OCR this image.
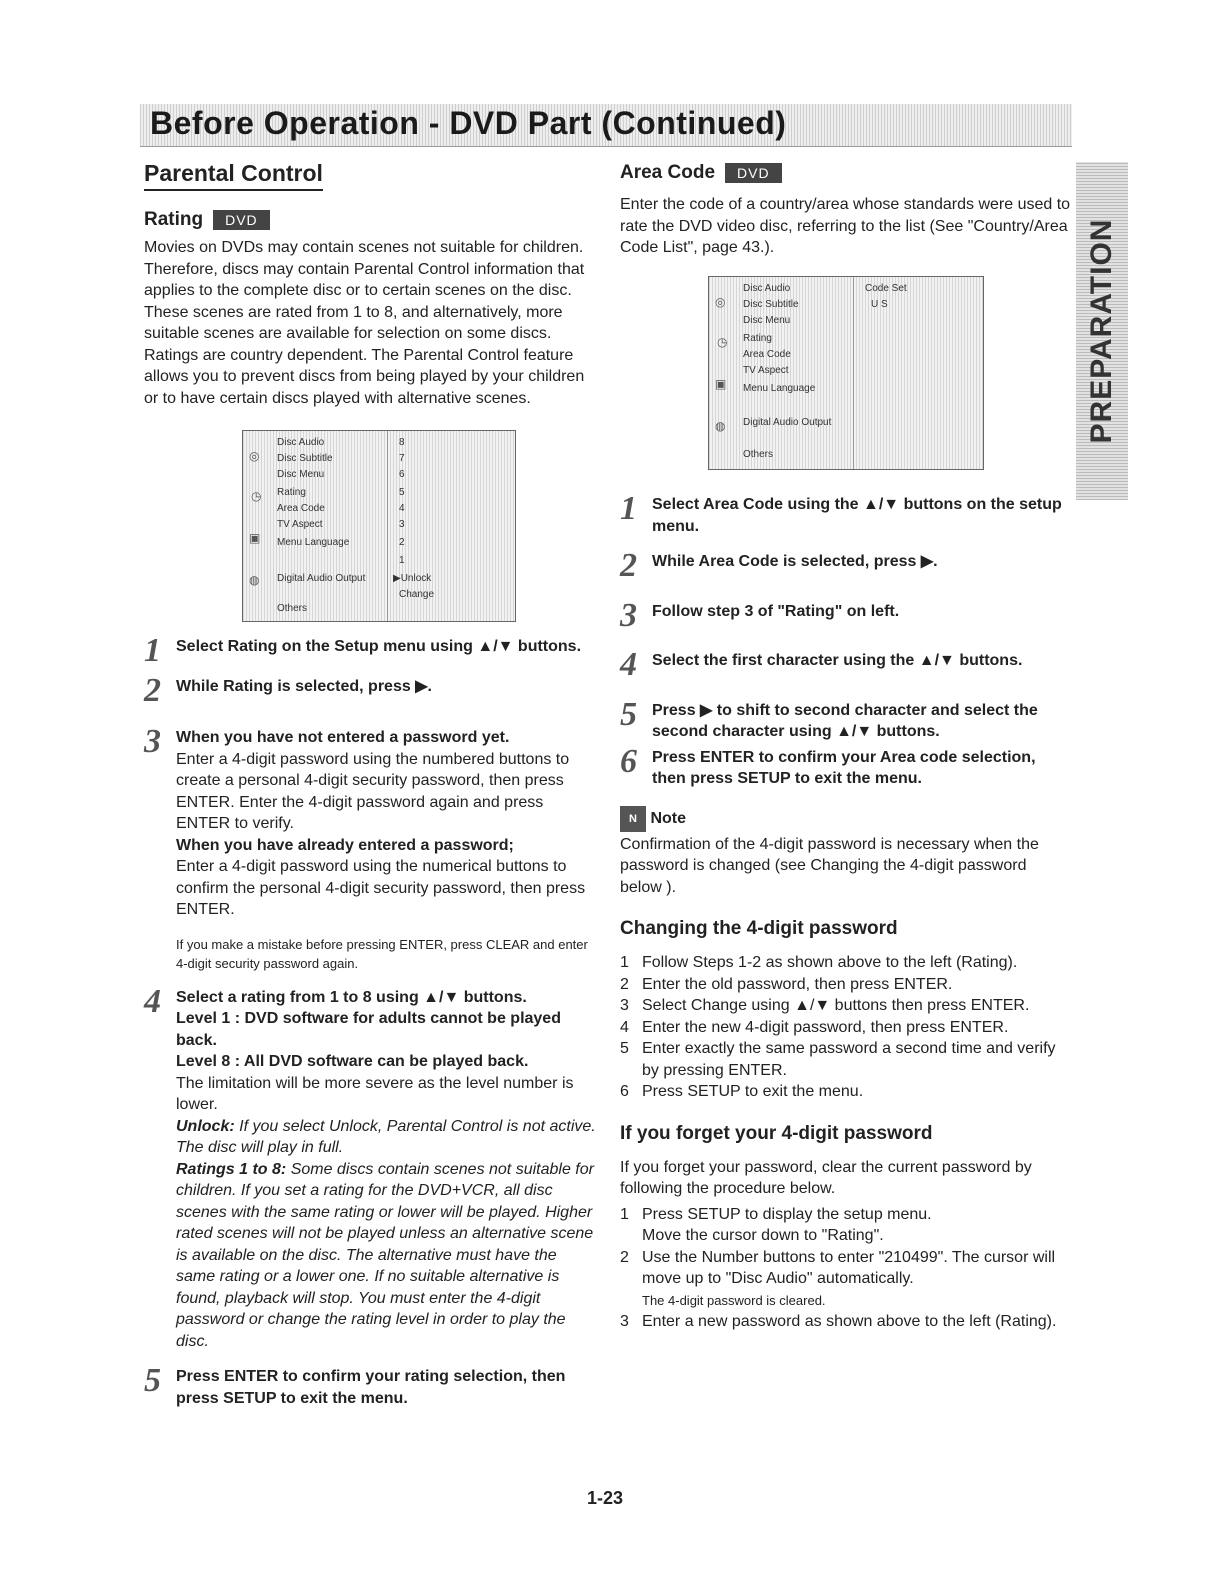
Before Operation - DVD Part (Continued)
PREPARATION
Parental Control
Rating	DVD

Movies on DVDs may contain scenes not suitable for children. Therefore, discs may contain Parental Control information that applies to the complete disc or to certain scenes on the disc. These scenes are rated from 1 to 8, and alternatively, more suitable scenes are available for selection on some discs. Ratings are country dependent. The Parental Control feature allows you to prevent discs from being played by your children or to have certain discs played with alternative scenes.

◎
◷
▣
◍
Disc Audio
Disc Subtitle
Disc Menu
Rating
Area Code
TV Aspect
Menu Language
Digital Audio Output
Others
8
7
6
5
4
3
2
1
▶Unlock
Change
1 Select Rating on the Setup menu using ▲/▼ buttons.

2 While Rating is selected, press ▶.

3 When you have not entered a password yet.

Enter a 4-digit password using the numbered buttons to create a personal 4-digit security password, then press ENTER. Enter the 4-digit password again and press ENTER to verify.

When you have already entered a password;

Enter a 4-digit password using the numerical buttons to confirm the personal 4-digit security password, then press ENTER.

If you make a mistake before pressing ENTER, press CLEAR and enter 4-digit security password again.

4 Select a rating from 1 to 8 using ▲/▼ buttons.

Level 1 : DVD software for adults cannot be played back.

Level 8 : All DVD software can be played back.

The limitation will be more severe as the level number is lower.

Unlock: If you select Unlock, Parental Control is not active. The disc will play in full.

Ratings 1 to 8: Some discs contain scenes not suitable for children. If you set a rating for the DVD+VCR, all disc scenes with the same rating or lower will be played. Higher rated scenes will not be played unless an alternative scene is available on the disc. The alternative must have the same rating or a lower one. If no suitable alternative is found, playback will stop. You must enter the 4-digit password or change the rating level in order to play the disc.

5 Press ENTER to confirm your rating selection, then press SETUP to exit the menu.

Area Code	DVD

Enter the code of a country/area whose standards were used to rate the DVD video disc, referring to the list (See "Country/Area Code List", page 43.).

◎
◷
▣
◍
Disc Audio
Disc Subtitle
Disc Menu
Rating
Area Code
TV Aspect
Menu Language
Digital Audio Output
Others
Code Set
U S
1 Select Area Code using the ▲/▼ buttons on the setup menu.

2 While Area Code is selected, press ▶.

3 Follow step 3 of "Rating" on left.

4 Select the first character using the ▲/▼ buttons.

5 Press ▶ to shift to second character and select the second character using ▲/▼ buttons.

6 Press ENTER to confirm your Area code selection, then press SETUP to exit the menu.

N Note

Confirmation of the 4-digit password is necessary when the password is changed (see Changing the 4-digit password below ).

Changing the 4-digit password
1 Follow Steps 1-2 as shown above to the left (Rating).
2 Enter the old password, then press ENTER.
3 Select Change using ▲/▼ buttons then press ENTER.
4 Enter the new 4-digit password, then press ENTER.
5 Enter exactly the same password a second time and verify by pressing ENTER.
6 Press SETUP to exit the menu.
If you forget your 4-digit password

If you forget your password, clear the current password by following the procedure below.

1 Press SETUP to display the setup menu.
Move the cursor down to "Rating".
2 Use the Number buttons to enter "210499". The cursor will move up to "Disc Audio" automatically.
The 4-digit password is cleared.
3 Enter a new password as shown above to the left (Rating).
1-23
